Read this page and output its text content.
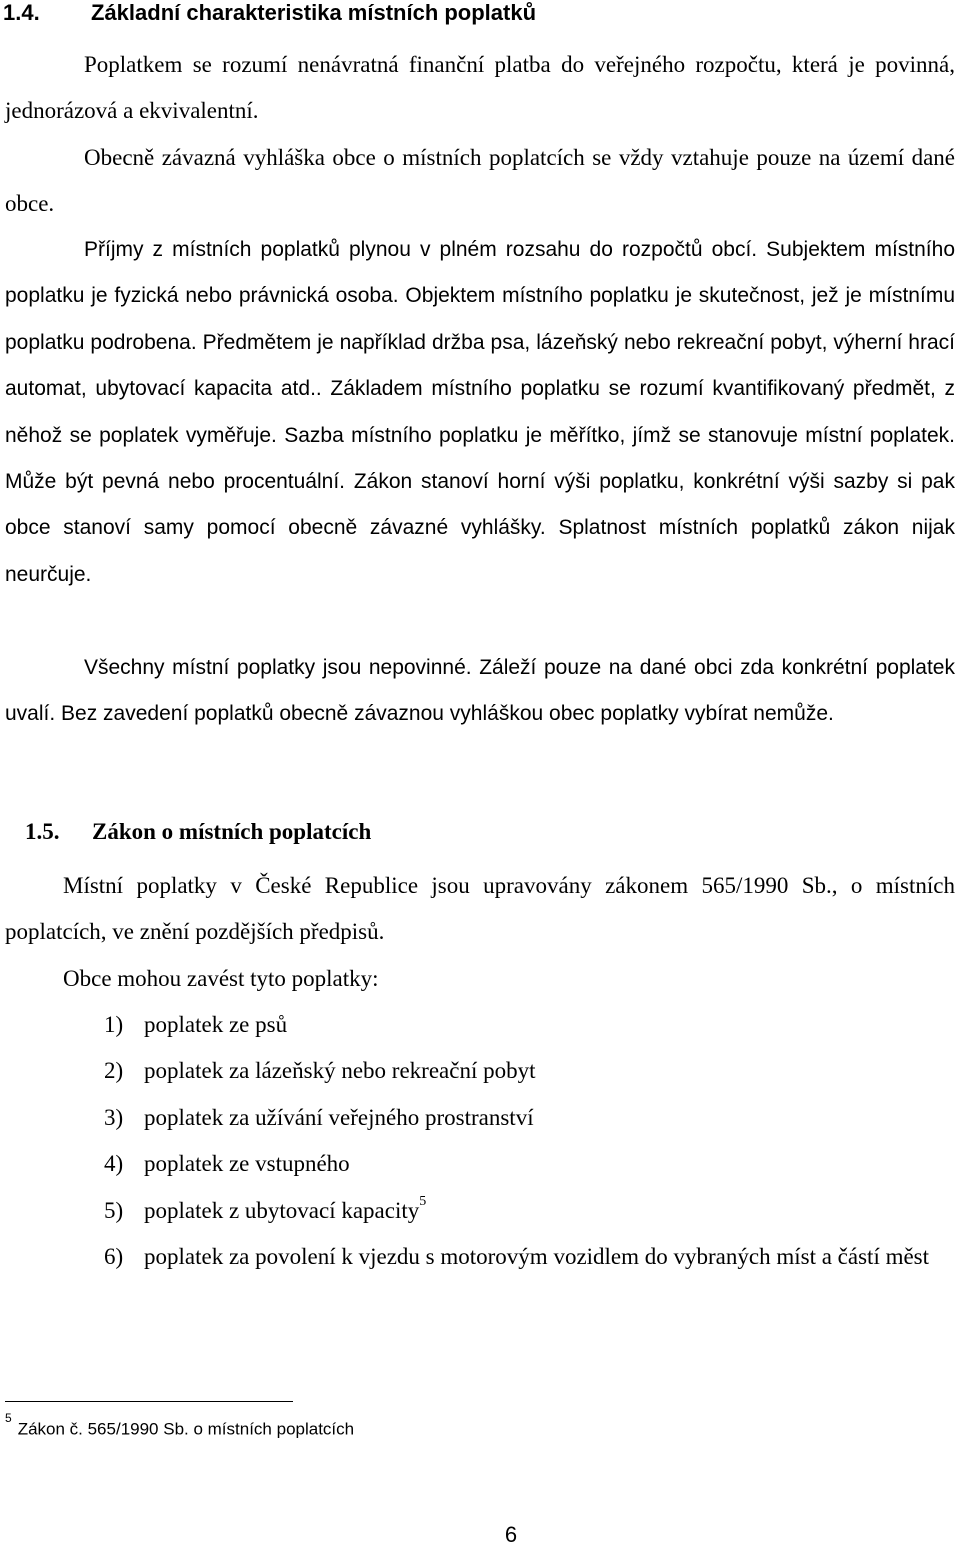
1.4. Základní charakteristika místních poplatků

Poplatkem se rozumí nenávratná finanční platba do veřejného rozpočtu, která je povinná, jednorázová a ekvivalentní.

Obecně závazná vyhláška obce o místních poplatcích se vždy vztahuje pouze na území dané obce.

Příjmy z místních poplatků plynou v plném rozsahu do rozpočtů obcí. Subjektem místního poplatku je fyzická nebo právnická osoba. Objektem místního poplatku je skutečnost, jež je místnímu poplatku podrobena. Předmětem je například držba psa, lázeňský nebo rekreační pobyt, výherní hrací automat, ubytovací kapacita atd.. Základem místního poplatku se rozumí kvantifikovaný předmět, z něhož se poplatek vyměřuje. Sazba místního poplatku je měřítko, jímž se stanovuje místní poplatek. Může být pevná nebo procentuální. Zákon stanoví horní výši poplatku, konkrétní výši sazby si pak obce stanoví samy pomocí obecně závazné vyhlášky. Splatnost místních poplatků zákon nijak neurčuje.

Všechny místní poplatky jsou nepovinné. Záleží pouze na dané obci zda konkrétní poplatek uvalí. Bez zavedení poplatků obecně závaznou vyhláškou obec poplatky vybírat nemůže.

1.5. Zákon o místních poplatcích

Místní poplatky v České Republice jsou upravovány zákonem 565/1990 Sb., o místních poplatcích, ve znění pozdějších předpisů.

Obce mohou zavést tyto poplatky:

1) poplatek ze psů
2) poplatek za lázeňský nebo rekreační pobyt
3) poplatek za užívání veřejného prostranství
4) poplatek ze vstupného
5) poplatek z ubytovací kapacity$^5$
6) poplatek za povolení k vjezdu s motorovým vozidlem do vybraných míst a částí měst
$^5$Zákon č. 565/1990 Sb. o místních poplatcích
6
